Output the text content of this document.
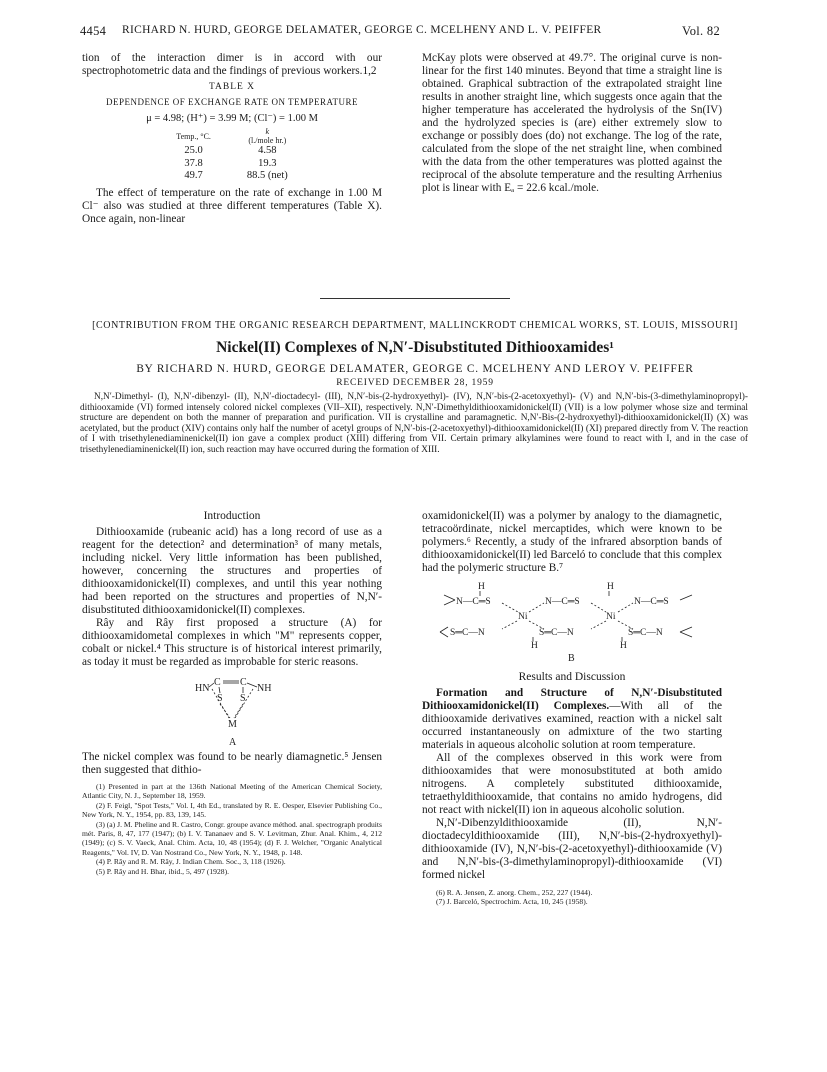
4454 RICHARD N. HURD, GEORGE DELAMATER, GEORGE C. MCELHENY AND L. V. PEIFFER	Vol. 82

tion of the interaction dimer is in accord with our spectrophotometric data and the findings of previous workers.1,2

TABLE X
DEPENDENCE OF EXCHANGE RATE ON TEMPERATURE
μ = 4.98; (H⁺) = 3.99 M; (Cl⁻) = 1.00 M
Temp., °C.	k
(l./mole hr.)

25.0	4.58
37.8	19.3
49.7	88.5 (net)

The effect of temperature on the rate of exchange in 1.00 M Cl⁻ also was studied at three different temperatures (Table X). Once again, non-linear

McKay plots were observed at 49.7°. The original curve is non-linear for the first 140 minutes. Beyond that time a straight line is obtained. Graphical subtraction of the extrapolated straight line results in another straight line, which suggests once again that the higher temperature has accelerated the hydrolysis of the Sn(IV) and the hydrolyzed species is (are) either extremely slow to exchange or possibly does (do) not exchange. The log of the rate, calculated from the slope of the net straight line, when combined with the data from the other temperatures was plotted against the reciprocal of the absolute temperature and the resulting Arrhenius plot is linear with Eₐ = 22.6 kcal./mole.

[CONTRIBUTION FROM THE ORGANIC RESEARCH DEPARTMENT, MALLINCKRODT CHEMICAL WORKS, ST. LOUIS, MISSOURI]
Nickel(II) Complexes of N,N′-Disubstituted Dithiooxamides¹
BY RICHARD N. HURD, GEORGE DELAMATER, GEORGE C. MCELHENY AND LEROY V. PEIFFER
RECEIVED DECEMBER 28, 1959

N,N′-Dimethyl- (I), N,N′-dibenzyl- (II), N,N′-dioctadecyl- (III), N,N′-bis-(2-hydroxyethyl)- (IV), N,N′-bis-(2-acetoxyethyl)- (V) and N,N′-bis-(3-dimethylaminopropyl)-dithiooxamide (VI) formed intensely colored nickel complexes (VII–XII), respectively. N,N′-Dimethyldithiooxamidonickel(II) (VII) is a low polymer whose size and terminal structure are dependent on both the manner of preparation and purification. VII is crystalline and paramagnetic. N,N′-Bis-(2-hydroxyethyl)-dithiooxamidonickel(II) (X) was acetylated, but the product (XIV) contains only half the number of acetyl groups of N,N′-bis-(2-acetoxyethyl)-dithiooxamidonickel(II) (XI) prepared directly from V. The reaction of I with trisethylenediaminenickel(II) ion gave a complex product (XIII) differing from VII. Certain primary alkylamines were found to react with I, and in the case of trisethylenediaminenickel(II) ion, such reaction may have occurred during the formation of XIII.

Introduction

Dithiooxamide (rubeanic acid) has a long record of use as a reagent for the detection² and determination³ of many metals, including nickel. Very little information has been published, however, concerning the structures and properties of dithiooxamidonickel(II) complexes, and until this year nothing had been reported on the structures and properties of N,N′-disubstituted dithiooxamidonickel(II) complexes.

Rây and Rây first proposed a structure (A) for dithiooxamidometal complexes in which "M" represents copper, cobalt or nickel.⁴ This structure is of historical interest primarily, as today it must be regarded as improbable for steric reasons.

HN
C C
NH
S S
M
A

The nickel complex was found to be nearly diamagnetic.⁵ Jensen then suggested that dithio-

(1) Presented in part at the 136th National Meeting of the American Chemical Society, Atlantic City, N. J., September 18, 1959.

(2) F. Feigl, "Spot Tests," Vol. I, 4th Ed., translated by R. E. Oesper, Elsevier Publishing Co., New York, N. Y., 1954, pp. 83, 139, 145.

(3) (a) J. M. Pheline and R. Castro, Congr. groupe avance méthod. anal. spectrograph produits mét. Paris, 8, 47, 177 (1947); (b) I. V. Tananaev and S. V. Levitman, Zhur. Anal. Khim., 4, 212 (1949); (c) S. V. Vaeck, Anal. Chim. Acta, 10, 48 (1954); (d) F. J. Welcher, "Organic Analytical Reagents," Vol. IV, D. Van Nostrand Co., New York, N. Y., 1948, p. 148.

(4) P. Rây and R. M. Rây, J. Indian Chem. Soc., 3, 118 (1926).

(5) P. Rây and H. Bhar, ibid., 5, 497 (1928).

oxamidonickel(II) was a polymer by analogy to the diamagnetic, tetracoördinate, nickel mercaptides, which were known to be polymers.⁶ Recently, a study of the infrared absorption bands of dithiooxamidonickel(II) led Barceló to conclude that this complex had the polymeric structure B.⁷

H	H
N—C═S	N—C═S	N—C═S
Ni	Ni
S═C—N	S═C—N	S═C—N
H	H
B

Results and Discussion

Formation and Structure of N,N′-Disubstituted Dithiooxamidonickel(II) Complexes.—With all of the dithiooxamide derivatives examined, reaction with a nickel salt occurred instantaneously on admixture of the two starting materials in aqueous alcoholic solution at room temperature.

All of the complexes observed in this work were from dithiooxamides that were monosubstituted at both amido nitrogens. A completely substituted dithiooxamide, tetraethyldithiooxamide, that contains no amido hydrogens, did not react with nickel(II) ion in aqueous alcoholic solution.

N,N′-Dibenzyldithiooxamide (II), N,N′-dioctadecyldithiooxamide (III), N,N′-bis-(2-hydroxyethyl)-dithiooxamide (IV), N,N′-bis-(2-acetoxyethyl)-dithiooxamide (V) and N,N′-bis-(3-dimethylaminopropyl)-dithiooxamide (VI) formed nickel

(6) R. A. Jensen, Z. anorg. Chem., 252, 227 (1944).

(7) J. Barceló, Spectrochim. Acta, 10, 245 (1958).
